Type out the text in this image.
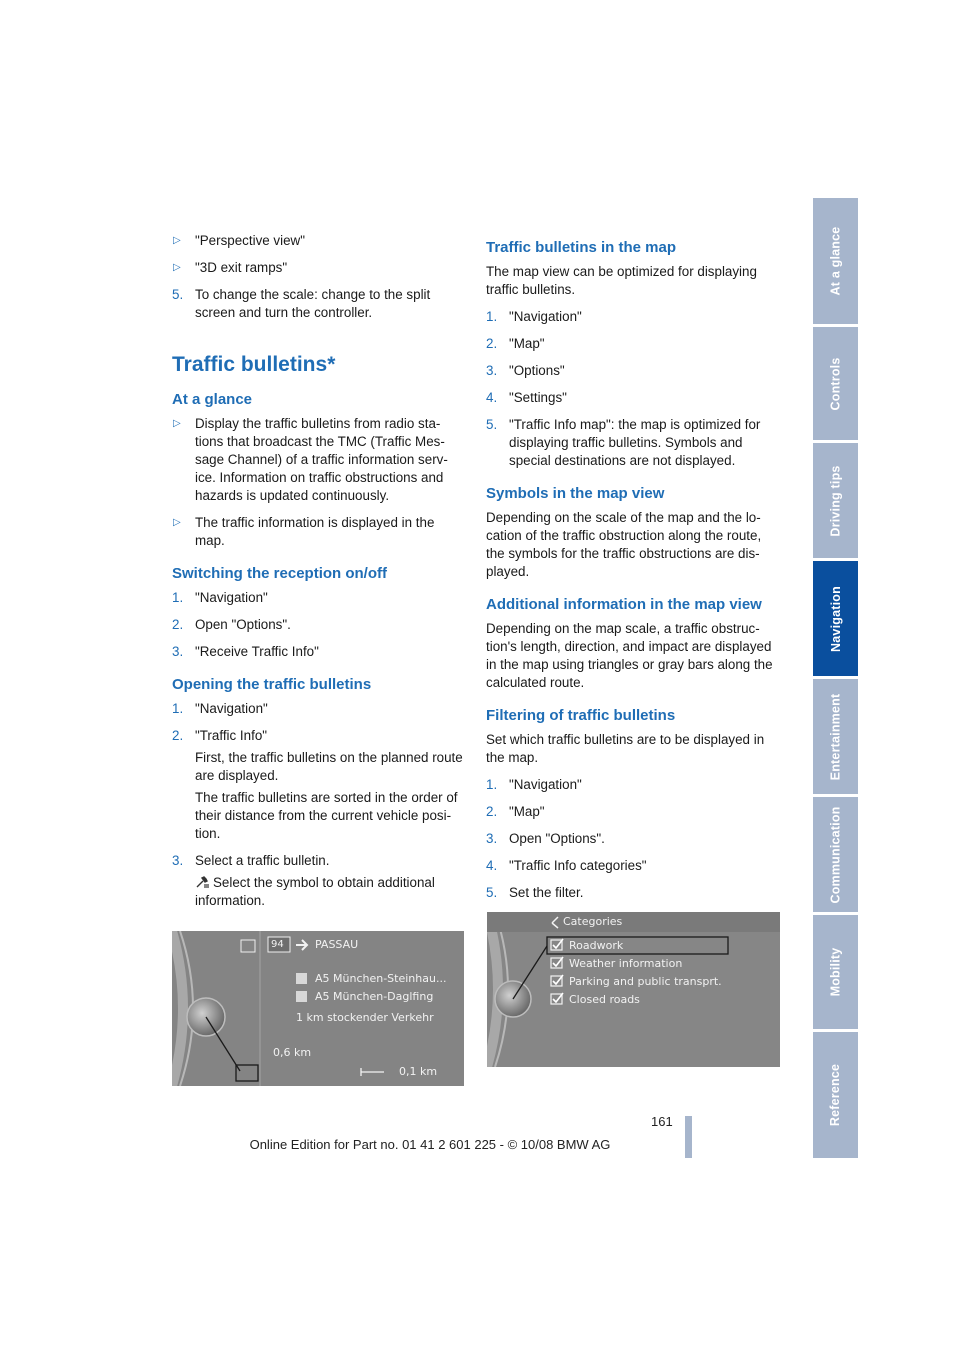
▷ "Perspective view"
▷ "3D exit ramps"
5. To change the scale: change to the split screen and turn the controller.
Traffic bulletins*
At a glance
▷ Display the traffic bulletins from radio sta-tions that broadcast the TMC (Traffic Mes-sage Channel) of a traffic information serv-ice. Information on traffic obstructions and hazards is updated continuously.
▷ The traffic information is displayed in the map.
Switching the reception on/off
1. "Navigation"
2. Open "Options".
3. "Receive Traffic Info"
Opening the traffic bulletins
1. "Navigation"
2. "Traffic Info"

First, the traffic bulletins on the planned route are displayed.

The traffic bulletins are sorted in the order of their distance from the current vehicle posi-tion.

3. Select a traffic bulletin.

Select the symbol to obtain additional information.

Traffic bulletins in the map

The map view can be optimized for displaying traffic bulletins.

1. "Navigation"
2. "Map"
3. "Options"
4. "Settings"
5. "Traffic Info map": the map is optimized for displaying traffic bulletins. Symbols and special destinations are not displayed.
Symbols in the map view

Depending on the scale of the map and the lo-cation of the traffic obstruction along the route, the symbols for the traffic obstructions are dis-played.

Additional information in the map view

Depending on the map scale, a traffic obstruc-tion's length, direction, and impact are displayed in the map using triangles or gray bars along the calculated route.

Filtering of traffic bulletins

Set which traffic bulletins are to be displayed in the map.

1. "Navigation"
2. "Map"
3. Open "Options".
4. "Traffic Info categories"
5. Set the filter.
94	PASSAU
A5 München-Steinhau...
A5 München-Daglfing
1 km stockender Verkehr
0,6 km
0,1 km
Categories
Roadwork
Weather information
Parking and public transprt.
Closed roads
At a glance
Controls
Driving tips
Navigation
Entertainment
Communication
Mobility
Reference
161
Online Edition for Part no. 01 41 2 601 225 - © 10/08 BMW AG
